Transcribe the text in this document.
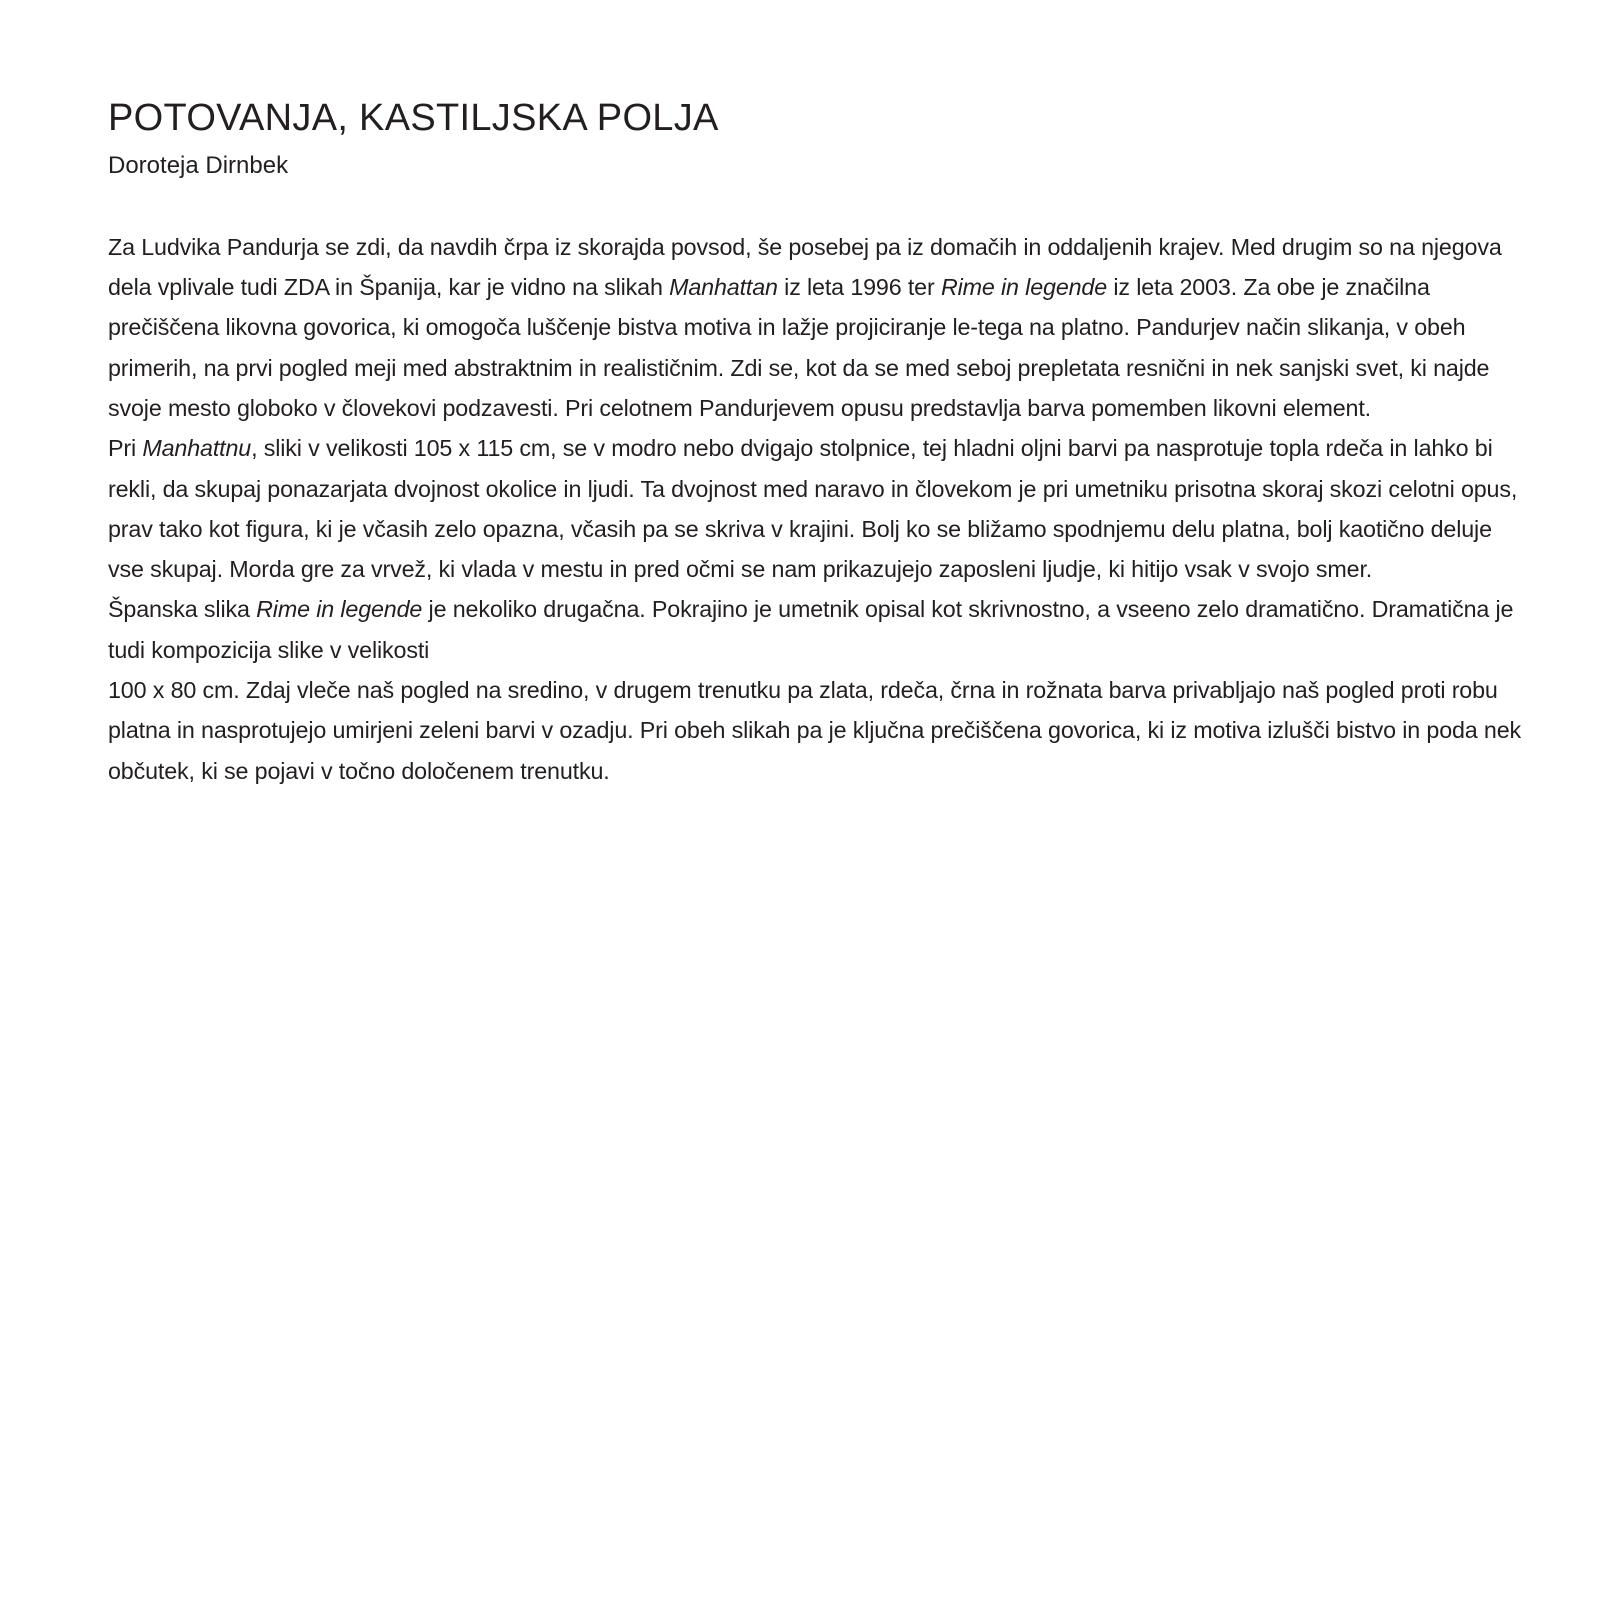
POTOVANJA, KASTILJSKA POLJA
Doroteja Dirnbek

Za Ludvika Pandurja se zdi, da navdih črpa iz skorajda povsod, še posebej pa iz domačih in oddaljenih krajev. Med drugim so na njegova dela vplivale tudi ZDA in Španija, kar je vidno na slikah Manhattan iz leta 1996 ter Rime in legende iz leta 2003. Za obe je značilna prečiščena likovna govorica, ki omogoča luščenje bistva motiva in lažje projiciranje le-tega na platno. Pandurjev način slikanja, v obeh primerih, na prvi pogled meji med abstraktnim in realističnim. Zdi se, kot da se med seboj prepletata resnični in nek sanjski svet, ki najde svoje mesto globoko v človekovi podzavesti. Pri celotnem Pandurjevem opusu predstavlja barva pomemben likovni element.

Pri Manhattnu, sliki v velikosti 105 x 115 cm, se v modro nebo dvigajo stolpnice, tej hladni oljni barvi pa nasprotuje topla rdeča in lahko bi rekli, da skupaj ponazarjata dvojnost okolice in ljudi. Ta dvojnost med naravo in človekom je pri umetniku prisotna skoraj skozi celotni opus, prav tako kot figura, ki je včasih zelo opazna, včasih pa se skriva v krajini. Bolj ko se bližamo spodnjemu delu platna, bolj kaotično deluje vse skupaj. Morda gre za vrvež, ki vlada v mestu in pred očmi se nam prikazujejo zaposleni ljudje, ki hitijo vsak v svojo smer.

Španska slika Rime in legende je nekoliko drugačna. Pokrajino je umetnik opisal kot skrivnostno, a vseeno zelo dramatično. Dramatična je tudi kompozicija slike v velikosti

100 x 80 cm. Zdaj vleče naš pogled na sredino, v drugem trenutku pa zlata, rdeča, črna in rožnata barva privabljajo naš pogled proti robu platna in nasprotujejo umirjeni zeleni barvi v ozadju. Pri obeh slikah pa je ključna prečiščena govorica, ki iz motiva izlušči bistvo in poda nek občutek, ki se pojavi v točno določenem trenutku.
